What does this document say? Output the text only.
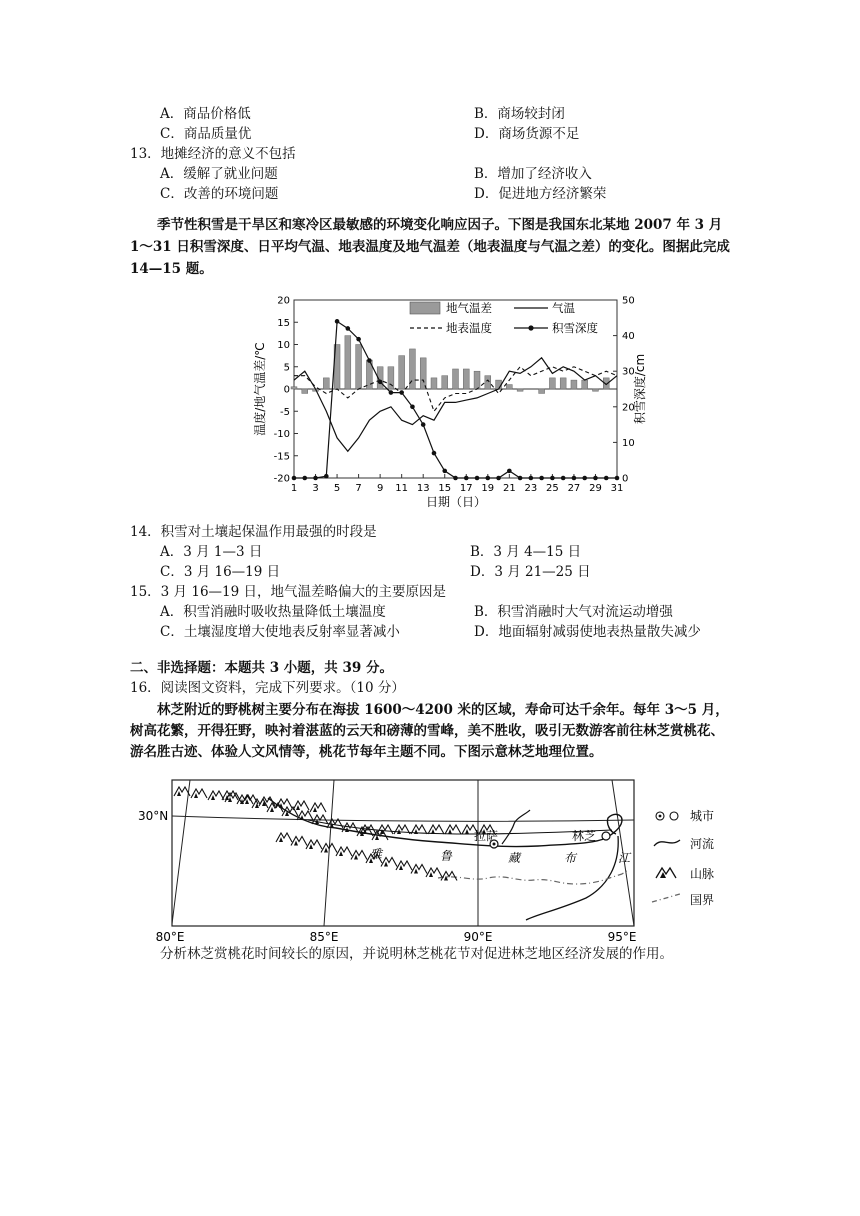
A．商品价格低	B．商场较封闭
C．商品质量优	D．商场货源不足
13．地摊经济的意义不包括
A．缓解了就业问题	B．增加了经济收入
C．改善的环境问题	D．促进地方经济繁荣
季节性积雪是干旱区和寒冷区最敏感的环境变化响应因子。下图是我国东北某地 2007 年 3 月 1～31 日积雪深度、日平均气温、地表温度及地气温差（地表温度与气温之差）的变化。图据此完成 14—15 题。
20
15
10
5
0
-5
-10
-15
-20
50
40
30
20
10
0
1 3 5 7 9 11 13 15 17 19 21 23 25 27 29 31
温度/地气温差/℃	积雪深度/cm
日期（日）
地气温差	气温
地表温度	积雪深度
14．积雪对土壤起保温作用最强的时段是
A．3 月 1—3 日	B．3 月 4—15 日
C．3 月 16—19 日	D．3 月 21—25 日
15．3 月 16—19 日，地气温差略偏大的主要原因是
A．积雪消融时吸收热量降低土壤温度	B．积雪消融时大气对流运动增强
C．土壤湿度增大使地表反射率显著减小	D．地面辐射减弱使地表热量散失减少
二、非选择题：本题共 3 小题，共 39 分。
16．阅读图文资料，完成下列要求。（10 分）
林芝附近的野桃树主要分布在海拔 1600～4200 米的区域，寿命可达千余年。每年 3～5 月，树高花繁，开得狂野，映衬着湛蓝的云天和磅薄的雪峰，美不胜收，吸引无数游客前往林芝赏桃花、游名胜古迹、体验人文风情等，桃花节每年主题不同。下图示意林芝地理位置。
30°N
80°E	85°E	90°E	95°E
拉萨	林芝
雅	鲁	藏	布	江
城市
河流
山脉
国界
分析林芝赏桃花时间较长的原因，并说明林芝桃花节对促进林芝地区经济发展的作用。
